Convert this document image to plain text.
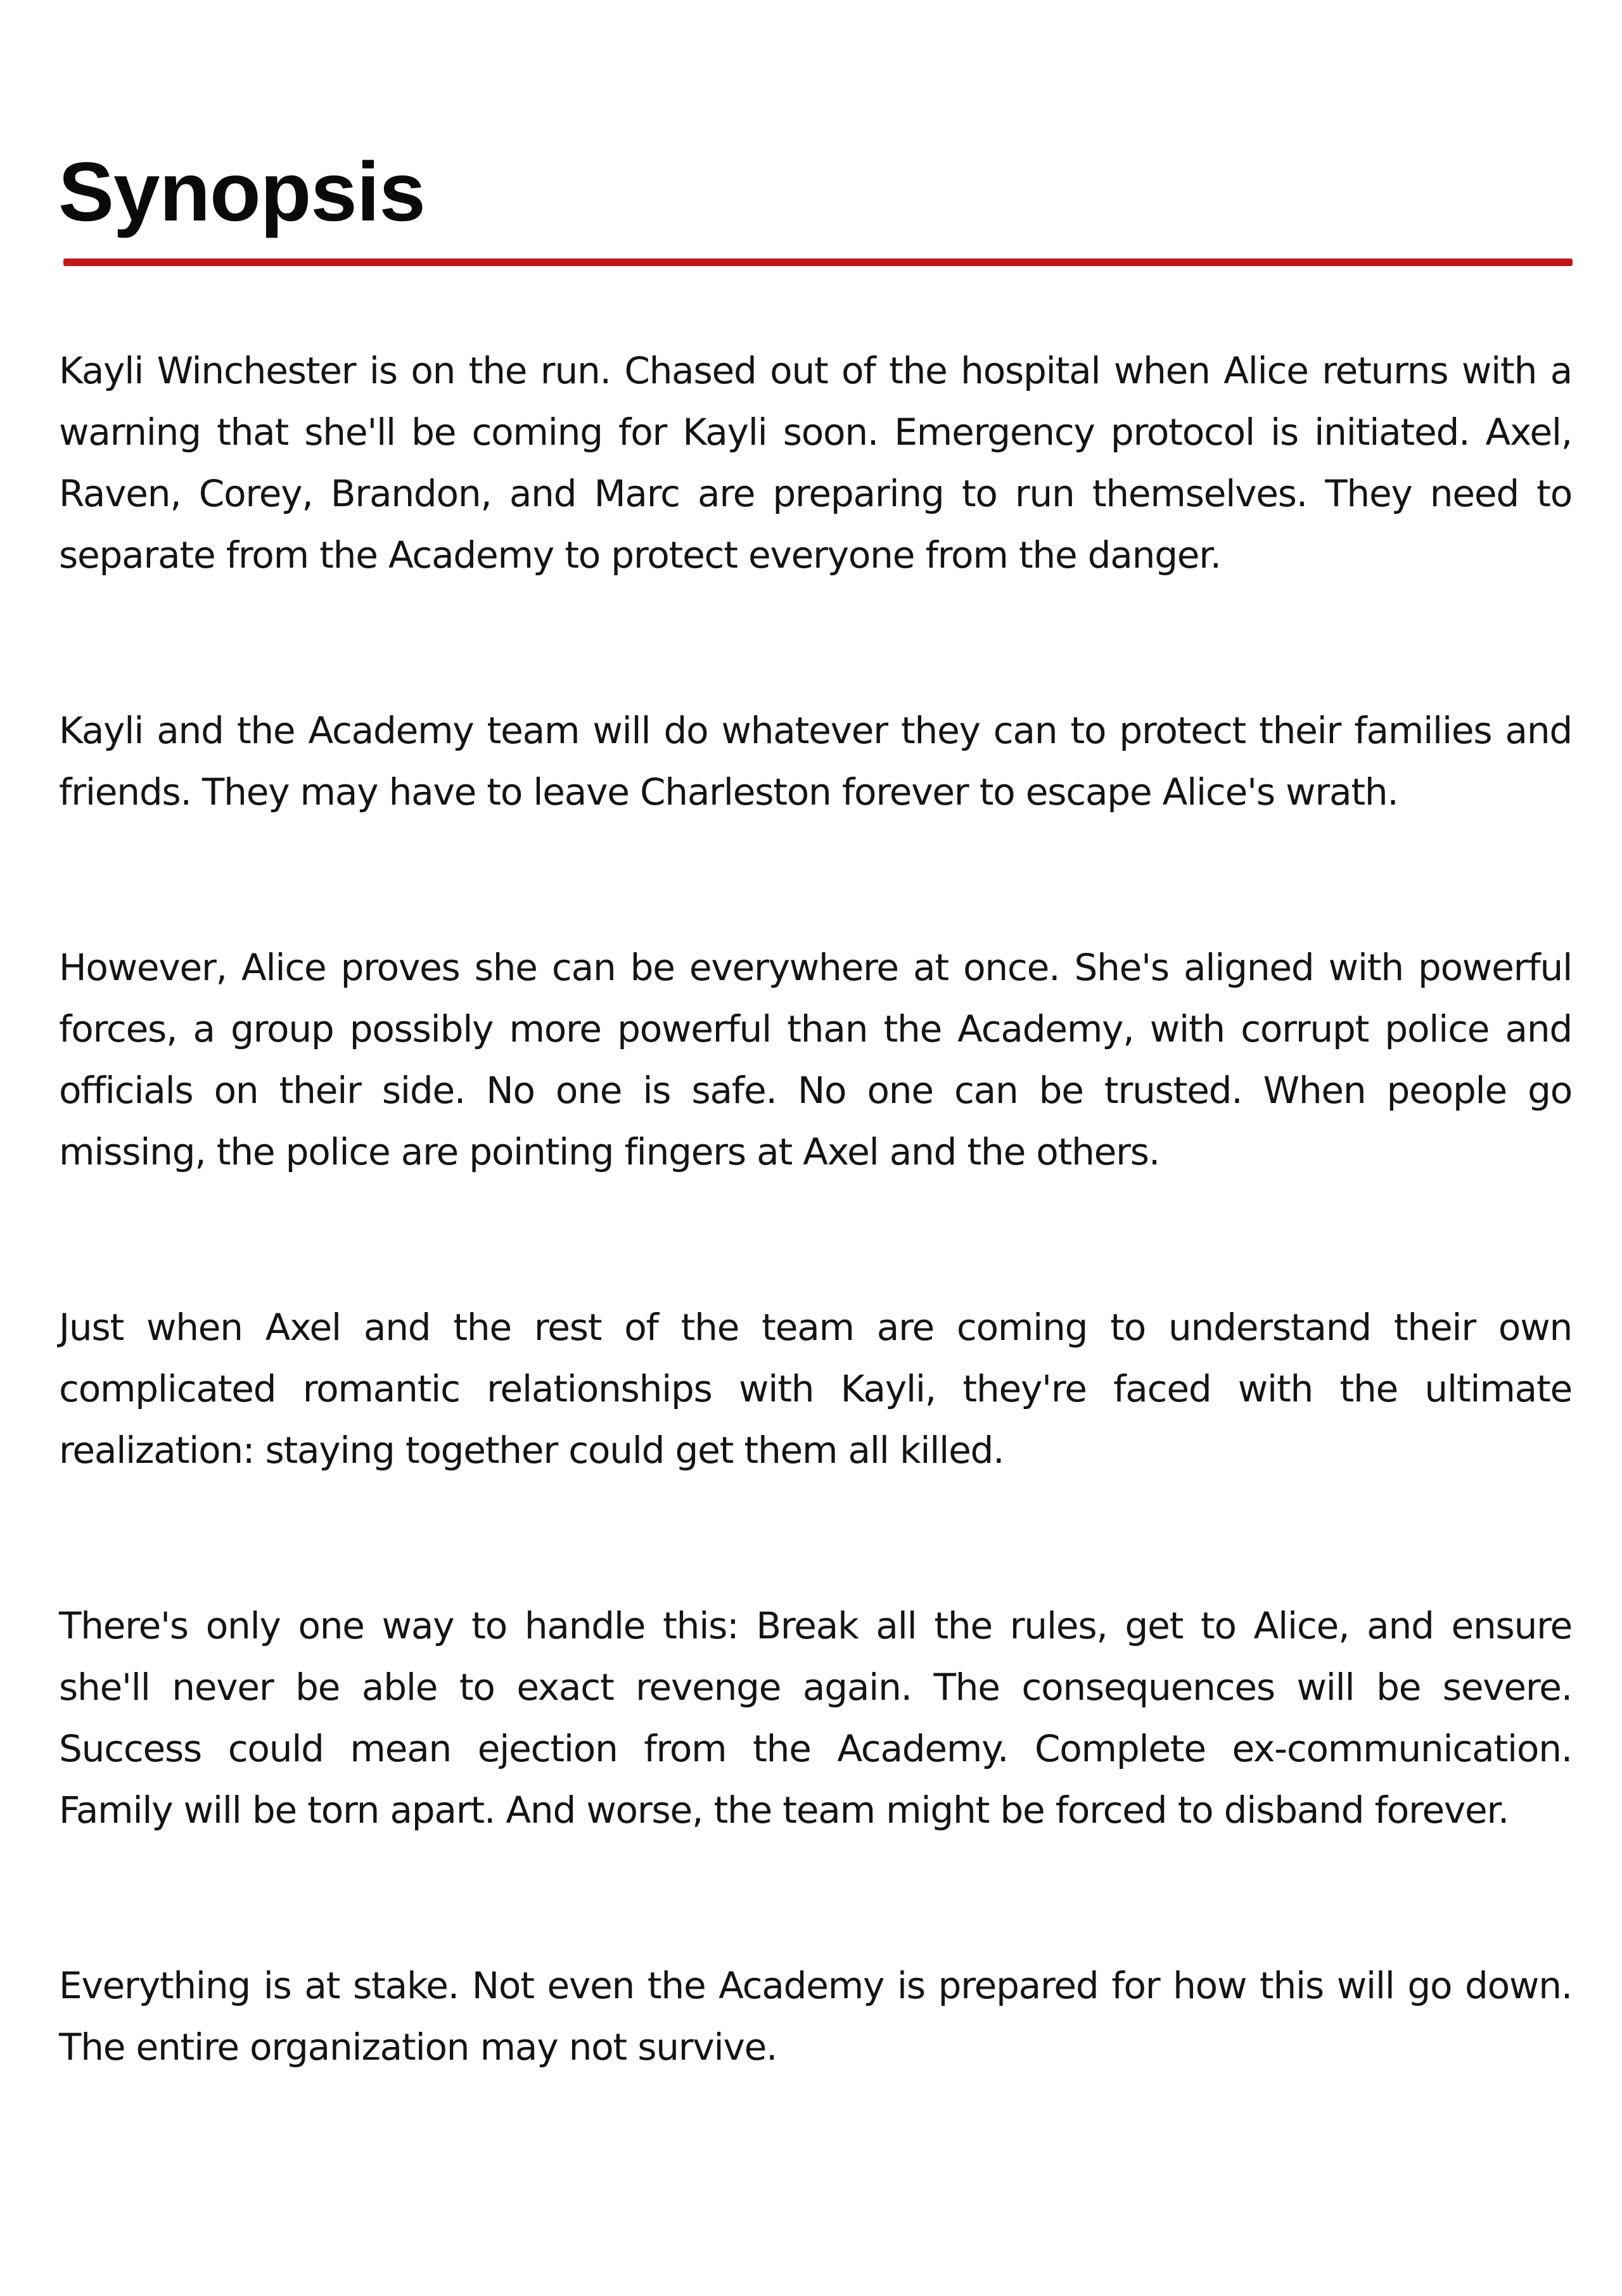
Synopsis

Kayli Winchester is on the run. Chased out of the hospital when Alice returns with a warning that she'll be coming for Kayli soon. Emergency protocol is initiated. Axel, Raven, Corey, Brandon, and Marc are preparing to run themselves. They need to separate from the Academy to protect everyone from the danger.

Kayli and the Academy team will do whatever they can to protect their families and friends. They may have to leave Charleston forever to escape Alice's wrath.

However, Alice proves she can be everywhere at once. She's aligned with powerful forces, a group possibly more powerful than the Academy, with corrupt police and officials on their side. No one is safe. No one can be trusted. When people go missing, the police are pointing fingers at Axel and the others.

Just when Axel and the rest of the team are coming to understand their own complicated romantic relationships with Kayli, they're faced with the ultimate realization: staying together could get them all killed.

There's only one way to handle this: Break all the rules, get to Alice, and ensure she'll never be able to exact revenge again. The consequences will be severe. Success could mean ejection from the Academy. Complete ex-communication. Family will be torn apart. And worse, the team might be forced to disband forever.

Everything is at stake. Not even the Academy is prepared for how this will go down. The entire organization may not survive.
